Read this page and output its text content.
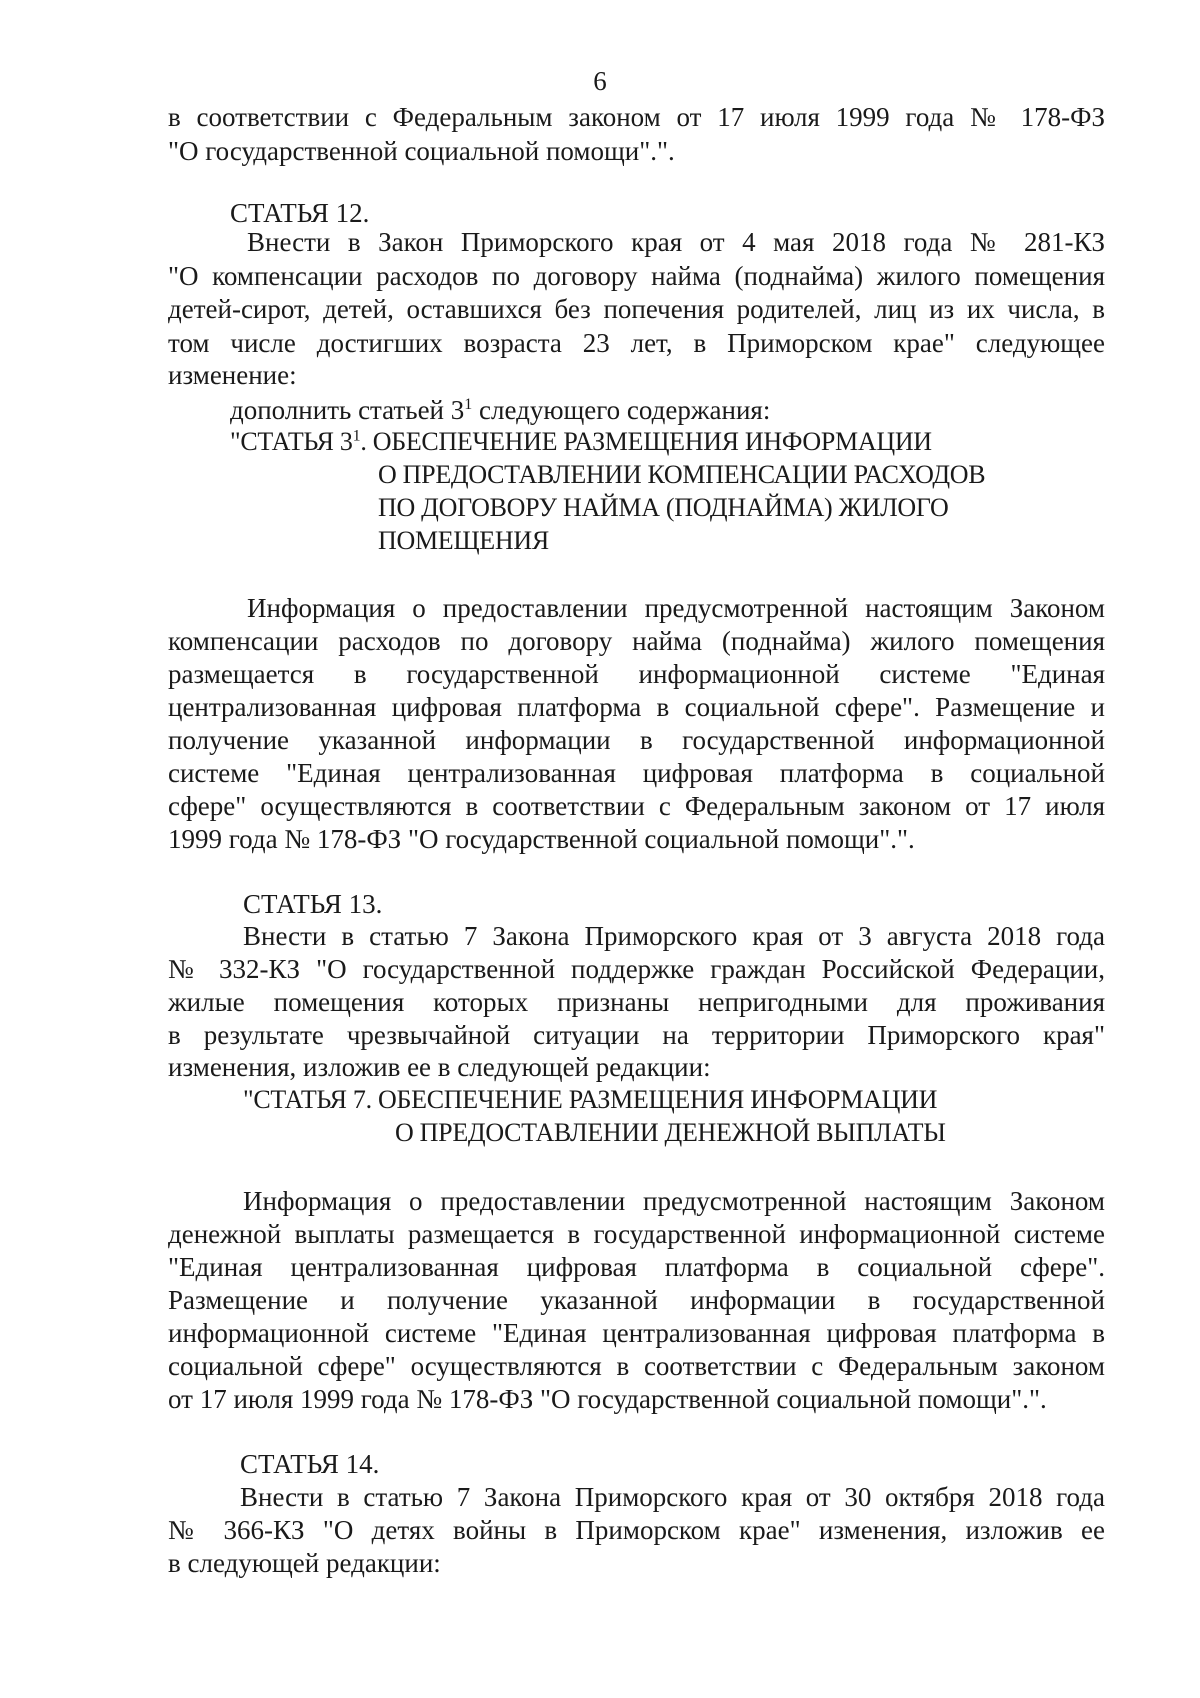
6
в соответствии с Федеральным законом от 17 июля 1999 года № 178-ФЗ
"О государственной социальной помощи".".
СТАТЬЯ 12.
Внести в Закон Приморского края от 4 мая 2018 года № 281-КЗ
"О компенсации расходов по договору найма (поднайма) жилого помещения
детей-сирот, детей, оставшихся без попечения родителей, лиц из их числа, в
том числе достигших возраста 23 лет, в Приморском крае" следующее
изменение:
дополнить статьей $3^1$ следующего содержания:
"СТАТЬЯ $3^1$. ОБЕСПЕЧЕНИЕ РАЗМЕЩЕНИЯ ИНФОРМАЦИИ
О ПРЕДОСТАВЛЕНИИ КОМПЕНСАЦИИ РАСХОДОВ
ПО ДОГОВОРУ НАЙМА (ПОДНАЙМА) ЖИЛОГО
ПОМЕЩЕНИЯ
Информация о предоставлении предусмотренной настоящим Законом
компенсации расходов по договору найма (поднайма) жилого помещения
размещается в государственной информационной системе "Единая
централизованная цифровая платформа в социальной сфере". Размещение и
получение указанной информации в государственной информационной
системе "Единая централизованная цифровая платформа в социальной
сфере" осуществляются в соответствии с Федеральным законом от 17 июля
1999 года № 178-ФЗ "О государственной социальной помощи".".
СТАТЬЯ 13.
Внести в статью 7 Закона Приморского края от 3 августа 2018 года
№ 332-КЗ "О государственной поддержке граждан Российской Федерации,
жилые помещения которых признаны непригодными для проживания
в результате чрезвычайной ситуации на территории Приморского края"
изменения, изложив ее в следующей редакции:
"СТАТЬЯ 7. ОБЕСПЕЧЕНИЕ РАЗМЕЩЕНИЯ ИНФОРМАЦИИ
О ПРЕДОСТАВЛЕНИИ ДЕНЕЖНОЙ ВЫПЛАТЫ
Информация о предоставлении предусмотренной настоящим Законом
денежной выплаты размещается в государственной информационной системе
"Единая централизованная цифровая платформа в социальной сфере".
Размещение и получение указанной информации в государственной
информационной системе "Единая централизованная цифровая платформа в
социальной сфере" осуществляются в соответствии с Федеральным законом
от 17 июля 1999 года № 178-ФЗ "О государственной социальной помощи".".
СТАТЬЯ 14.
Внести в статью 7 Закона Приморского края от 30 октября 2018 года
№ 366-КЗ "О детях войны в Приморском крае" изменения, изложив ее
в следующей редакции:
